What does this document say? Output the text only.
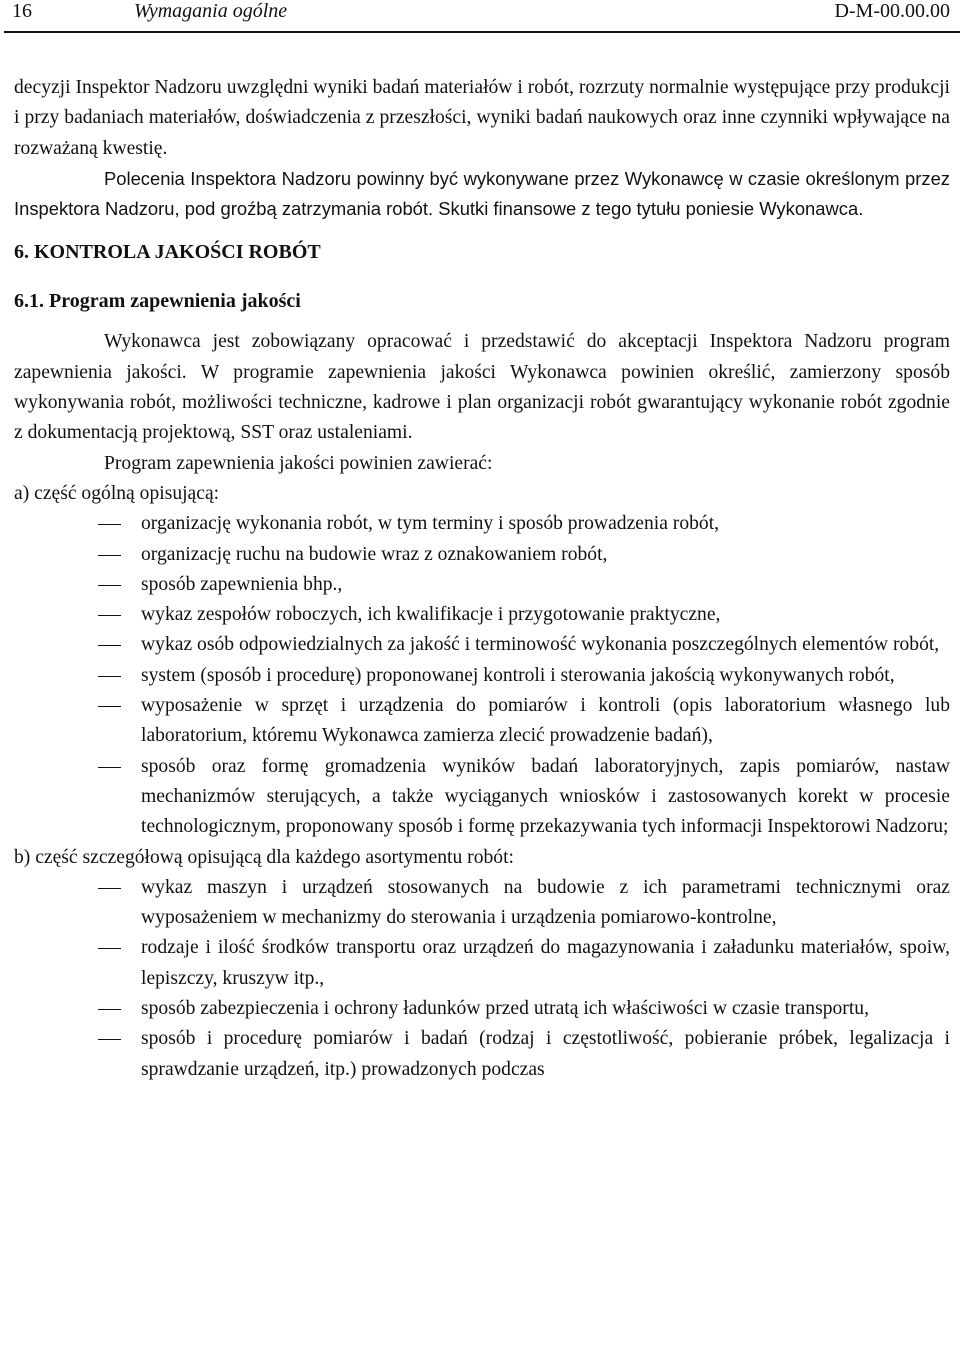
16	Wymagania ogólne	D-M-00.00.00

decyzji Inspektor Nadzoru uwzględni wyniki badań materiałów i robót, rozrzuty normalnie występujące przy produkcji i przy badaniach materiałów, doświadczenia z przeszłości, wyniki badań naukowych oraz inne czynniki wpływające na rozważaną kwestię.

Polecenia Inspektora Nadzoru powinny być wykonywane przez Wykonawcę w czasie określonym przez Inspektora Nadzoru, pod groźbą zatrzymania robót. Skutki finansowe z tego tytułu poniesie Wykonawca.

6. KONTROLA JAKOŚCI ROBÓT

6.1. Program zapewnienia jakości

Wykonawca jest zobowiązany opracować i przedstawić do akceptacji Inspektora Nadzoru program zapewnienia jakości. W programie zapewnienia jakości Wykonawca powinien określić, zamierzony sposób wykonywania robót, możliwości techniczne, kadrowe i plan organizacji robót gwarantujący wykonanie robót zgodnie z dokumentacją projektową, SST oraz ustaleniami.

Program zapewnienia jakości powinien zawierać:

a) część ogólną opisującą:

organizację wykonania robót, w tym terminy i sposób prowadzenia robót,
organizację ruchu na budowie wraz z oznakowaniem robót,
sposób zapewnienia bhp.,
wykaz zespołów roboczych, ich kwalifikacje i przygotowanie praktyczne,
wykaz osób odpowiedzialnych za jakość i terminowość wykonania poszczególnych elementów robót,
system (sposób i procedurę) proponowanej kontroli i sterowania jakością wykonywanych robót,
wyposażenie w sprzęt i urządzenia do pomiarów i kontroli (opis laboratorium własnego lub laboratorium, któremu Wykonawca zamierza zlecić prowadzenie badań),
sposób oraz formę gromadzenia wyników badań laboratoryjnych, zapis pomiarów, nastaw mechanizmów sterujących, a także wyciąganych wniosków i zastosowanych korekt w procesie technologicznym, proponowany sposób i formę przekazywania tych informacji Inspektorowi Nadzoru;

b) część szczegółową opisującą dla każdego asortymentu robót:

wykaz maszyn i urządzeń stosowanych na budowie z ich parametrami technicznymi oraz wyposażeniem w mechanizmy do sterowania i urządzenia pomiarowo-kontrolne,
rodzaje i ilość środków transportu oraz urządzeń do magazynowania i załadunku materiałów, spoiw, lepiszczy, kruszyw itp.,
sposób zabezpieczenia i ochrony ładunków przed utratą ich właściwości w czasie transportu,
sposób i procedurę pomiarów i badań (rodzaj i częstotliwość, pobieranie próbek, legalizacja i sprawdzanie urządzeń, itp.) prowadzonych podczas
